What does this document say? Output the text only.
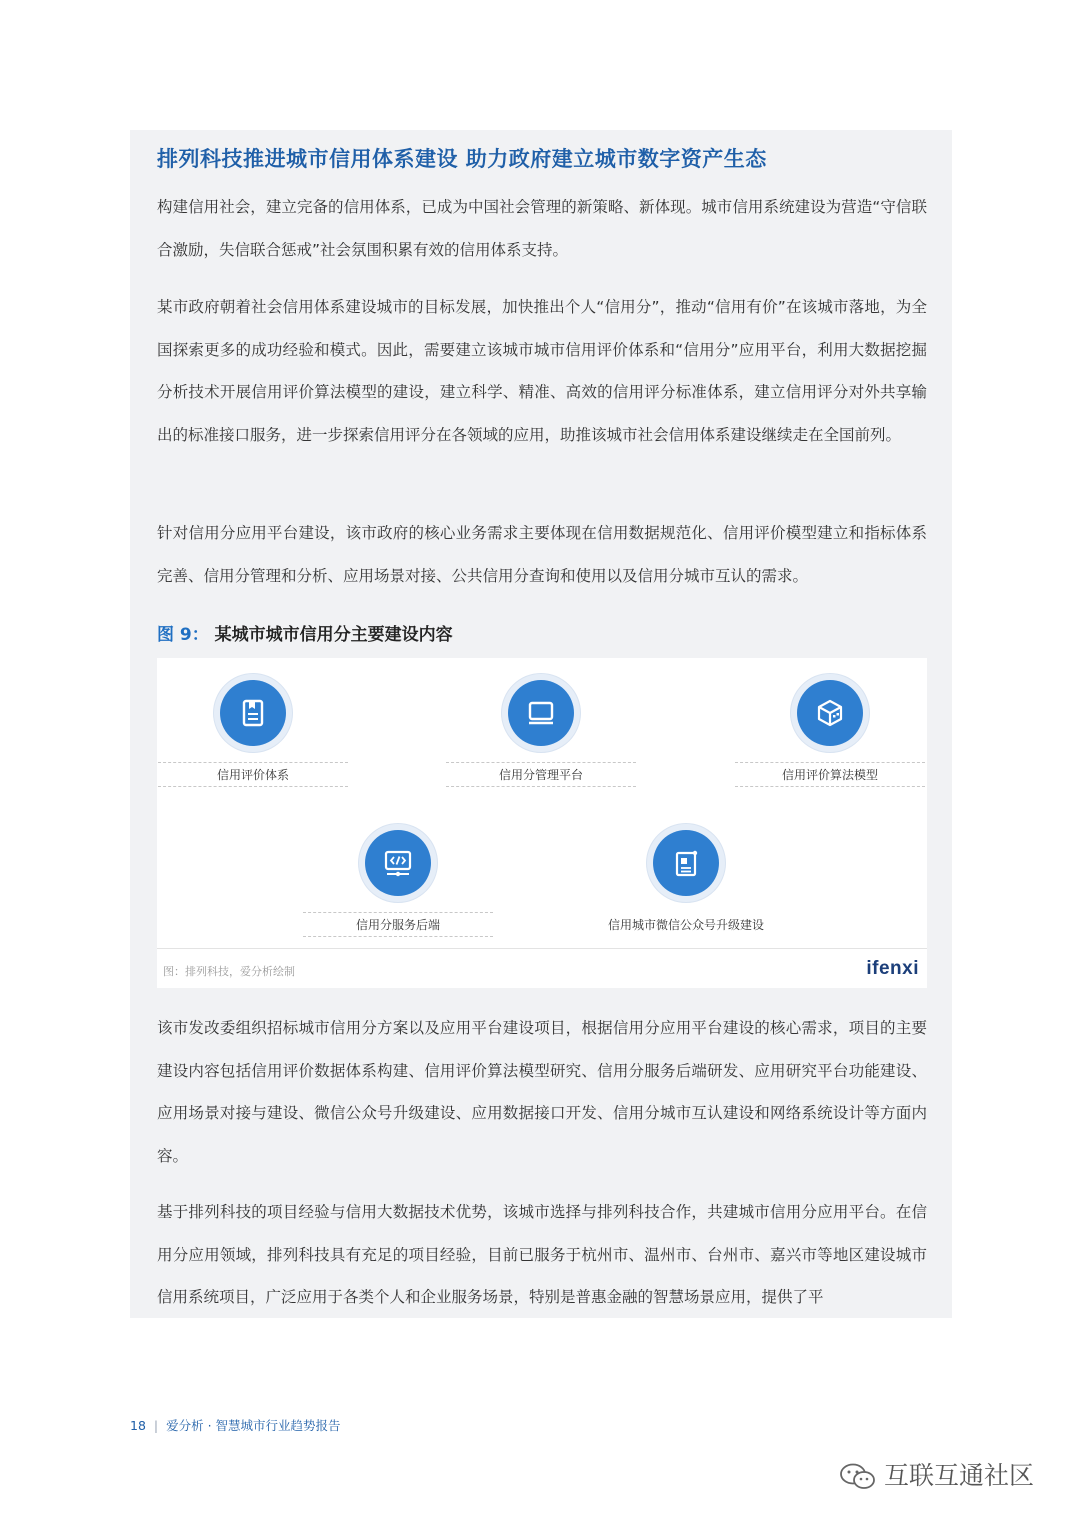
排列科技推进城市信用体系建设 助力政府建立城市数字资产生态

构建信用社会，建立完备的信用体系，已成为中国社会管理的新策略、新体现。城市信用系统建设为营造“守信联合激励，失信联合惩戒”社会氛围积累有效的信用体系支持。

某市政府朝着社会信用体系建设城市的目标发展，加快推出个人“信用分”，推动“信用有价”在该城市落地，为全国探索更多的成功经验和模式。因此，需要建立该城市城市信用评价体系和“信用分”应用平台，利用大数据挖掘分析技术开展信用评价算法模型的建设，建立科学、精准、高效的信用评分标准体系，建立信用评分对外共享输出的标准接口服务，进一步探索信用评分在各领域的应用，助推该城市社会信用体系建设继续走在全国前列。

针对信用分应用平台建设，该市政府的核心业务需求主要体现在信用数据规范化、信用评价模型建立和指标体系完善、信用分管理和分析、应用场景对接、公共信用分查询和使用以及信用分城市互认的需求。

图 9： 某城市城市信用分主要建设内容
信用评价体系	信用分管理平台	信用评价算法模型
信用分服务后端	信用城市微信公众号升级建设
图：排列科技，爱分析绘制	ifenxi

该市发改委组织招标城市信用分方案以及应用平台建设项目，根据信用分应用平台建设的核心需求，项目的主要建设内容包括信用评价数据体系构建、信用评价算法模型研究、信用分服务后端研发、应用研究平台功能建设、应用场景对接与建设、微信公众号升级建设、应用数据接口开发、信用分城市互认建设和网络系统设计等方面内容。

基于排列科技的项目经验与信用大数据技术优势，该城市选择与排列科技合作，共建城市信用分应用平台。在信用分应用领域，排列科技具有充足的项目经验，目前已服务于杭州市、温州市、台州市、嘉兴市等地区建设城市信用系统项目，广泛应用于各类个人和企业服务场景，特别是普惠金融的智慧场景应用，提供了平

18 | 爱分析 · 智慧城市行业趋势报告
互联互通社区
